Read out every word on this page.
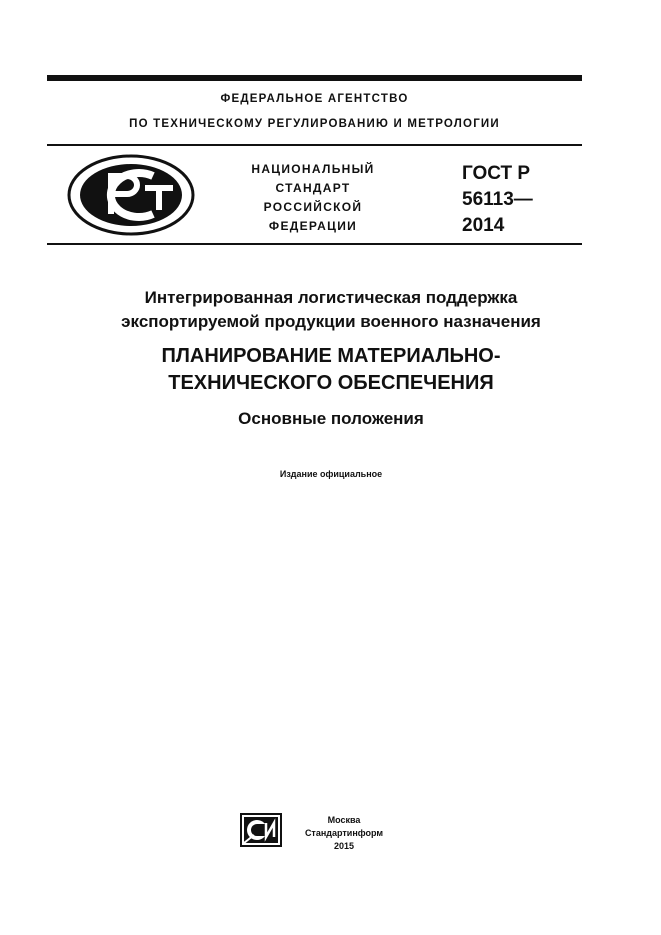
ФЕДЕРАЛЬНОЕ АГЕНТСТВО
ПО ТЕХНИЧЕСКОМУ РЕГУЛИРОВАНИЮ И МЕТРОЛОГИИ
НАЦИОНАЛЬНЫЙ
СТАНДАРТ
РОССИЙСКОЙ
ФЕДЕРАЦИИ
ГОСТ Р
56113—
2014
Интегрированная логистическая поддержка
экспортируемой продукции военного назначения
ПЛАНИРОВАНИЕ МАТЕРИАЛЬНО-
ТЕХНИЧЕСКОГО ОБЕСПЕЧЕНИЯ
Основные положения
Издание официальное
Москва
Стандартинформ
2015
